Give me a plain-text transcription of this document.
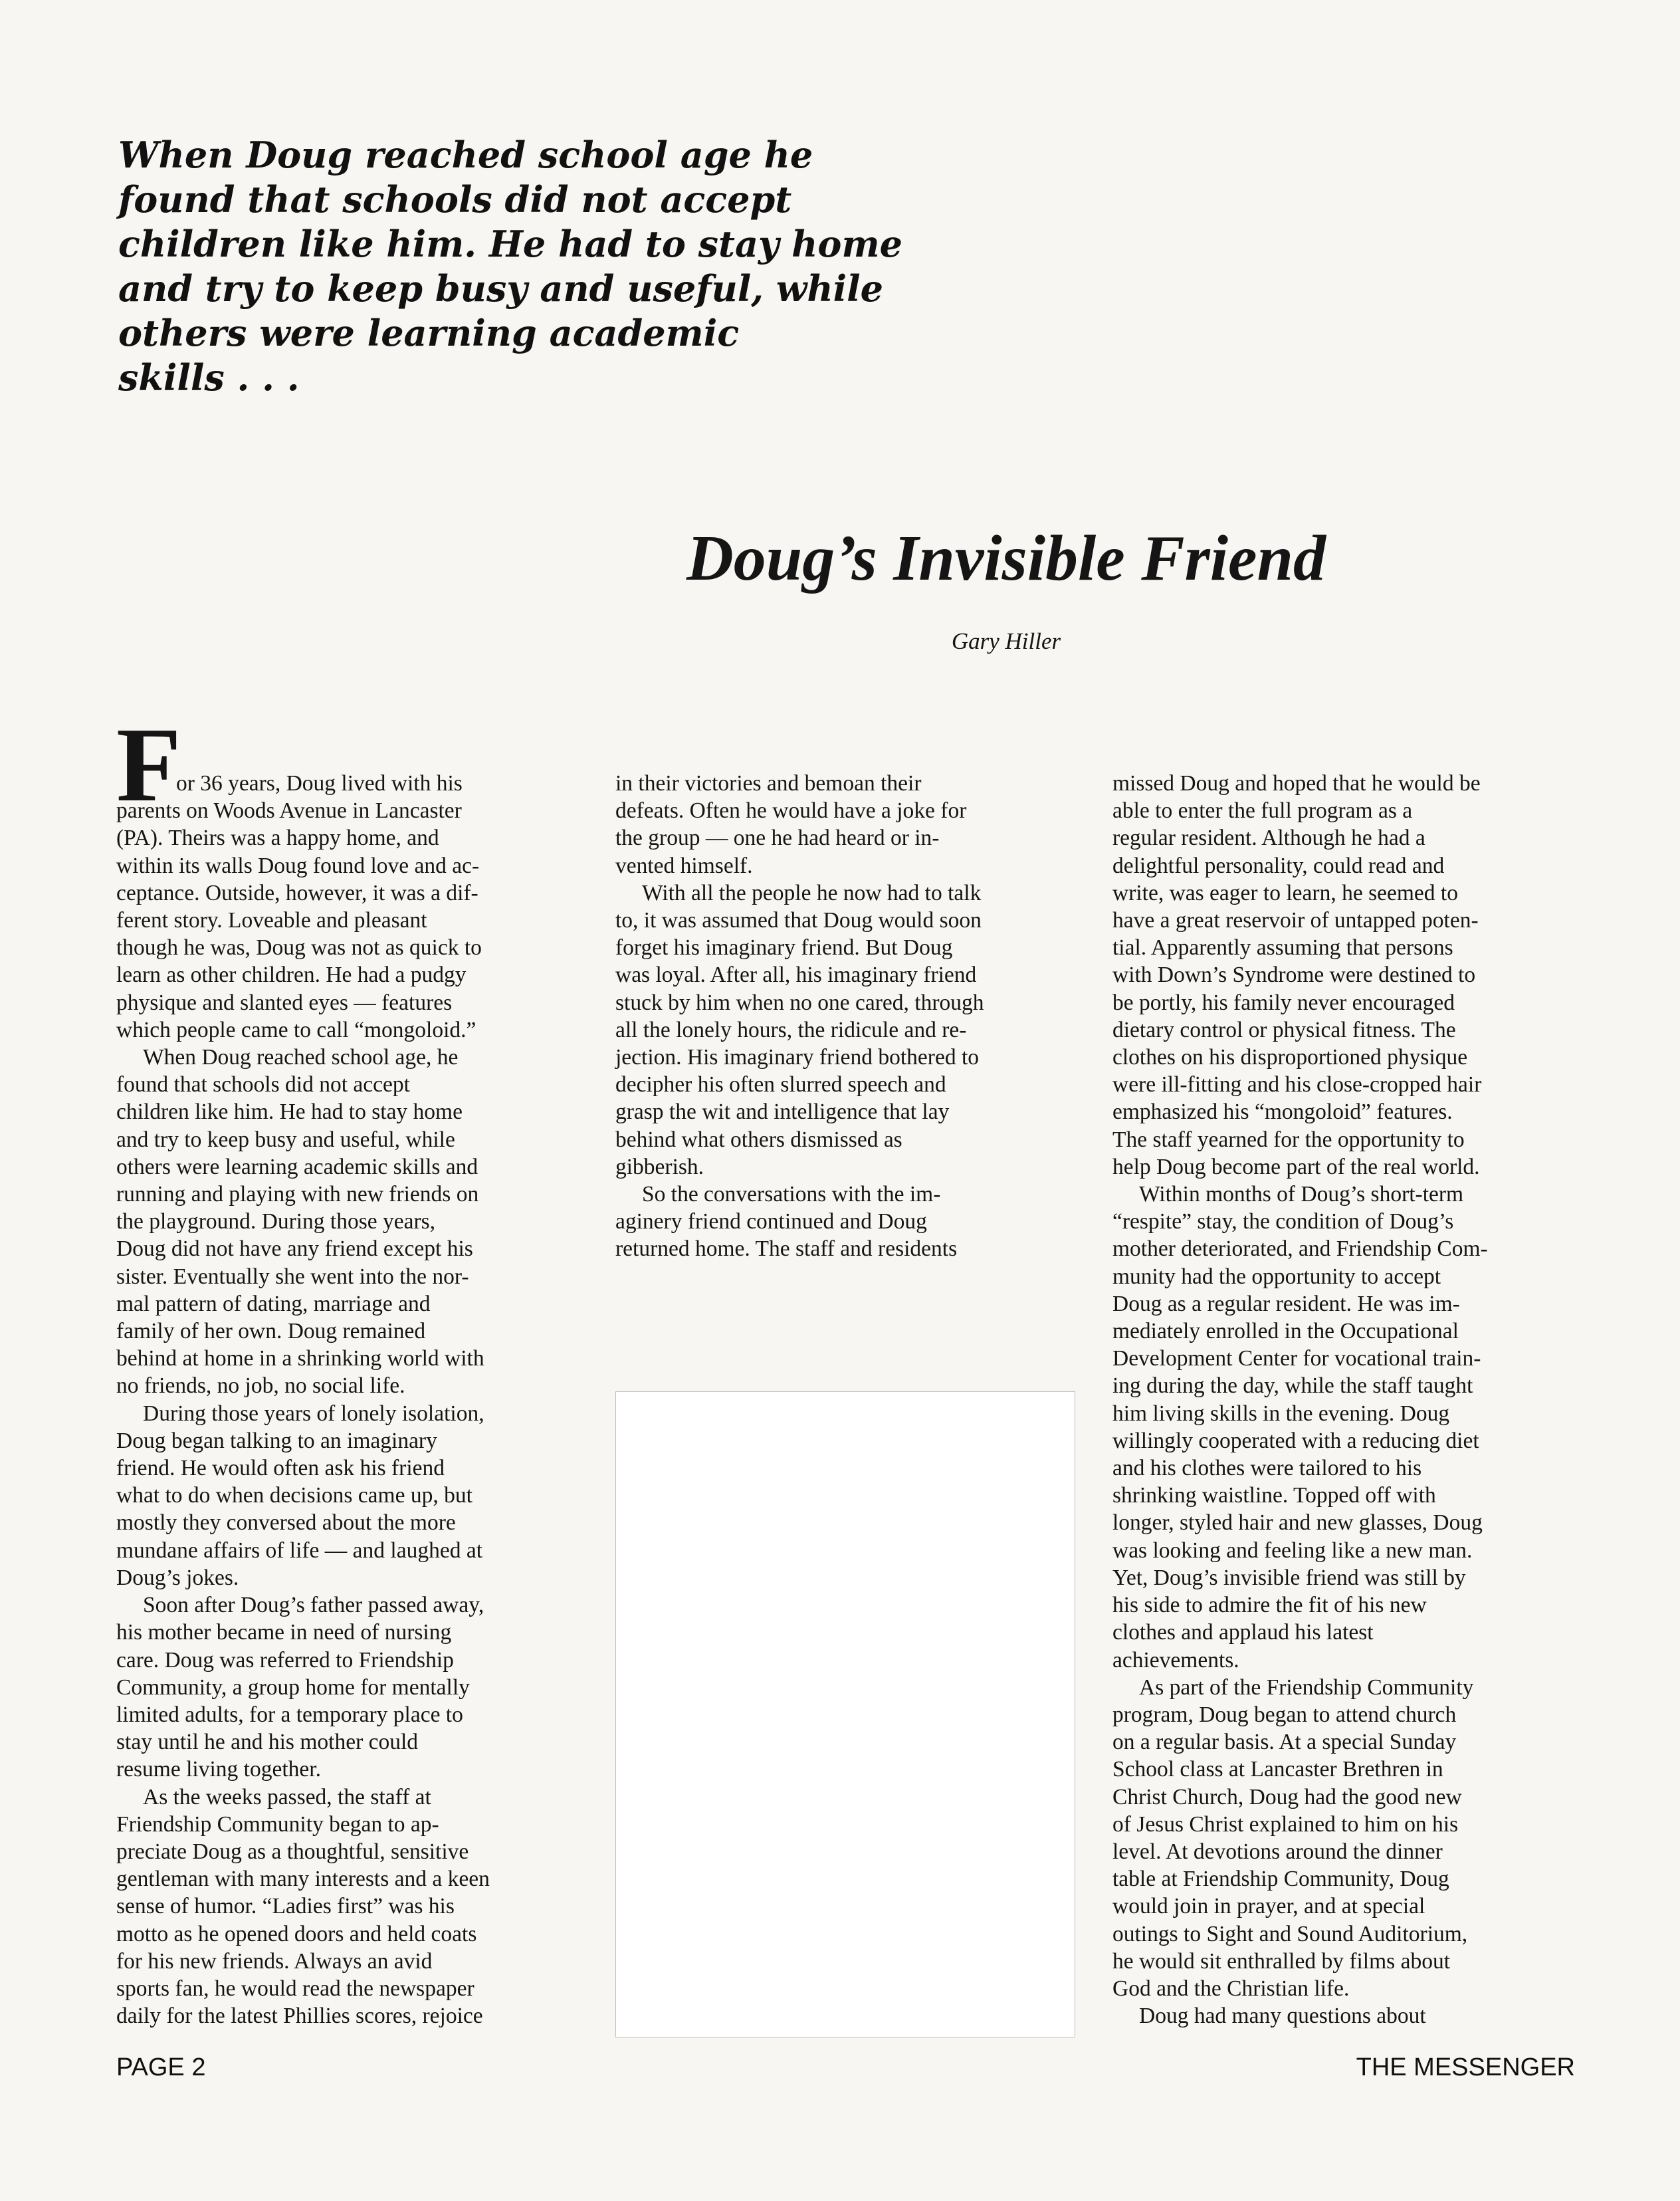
When Doug reached school age he
found that schools did not accept
children like him. He had to stay home
and try to keep busy and useful, while
others were learning academic
skills . . .
Doug’s Invisible Friend
Gary Hiller
F
or 36 years, Doug lived with his
parents on Woods Avenue in Lancaster
(PA). Theirs was a happy home, and
within its walls Doug found love and ac-
ceptance. Outside, however, it was a dif-
ferent story. Loveable and pleasant
though he was, Doug was not as quick to
learn as other children. He had a pudgy
physique and slanted eyes — features
which people came to call “mongoloid.”
When Doug reached school age, he
found that schools did not accept
children like him. He had to stay home
and try to keep busy and useful, while
others were learning academic skills and
running and playing with new friends on
the playground. During those years,
Doug did not have any friend except his
sister. Eventually she went into the nor-
mal pattern of dating, marriage and
family of her own. Doug remained
behind at home in a shrinking world with
no friends, no job, no social life.
During those years of lonely isolation,
Doug began talking to an imaginary
friend. He would often ask his friend
what to do when decisions came up, but
mostly they conversed about the more
mundane affairs of life — and laughed at
Doug’s jokes.
Soon after Doug’s father passed away,
his mother became in need of nursing
care. Doug was referred to Friendship
Community, a group home for mentally
limited adults, for a temporary place to
stay until he and his mother could
resume living together.
As the weeks passed, the staff at
Friendship Community began to ap-
preciate Doug as a thoughtful, sensitive
gentleman with many interests and a keen
sense of humor. “Ladies first” was his
motto as he opened doors and held coats
for his new friends. Always an avid
sports fan, he would read the newspaper
daily for the latest Phillies scores, rejoice
in their victories and bemoan their
defeats. Often he would have a joke for
the group — one he had heard or in-
vented himself.
With all the people he now had to talk
to, it was assumed that Doug would soon
forget his imaginary friend. But Doug
was loyal. After all, his imaginary friend
stuck by him when no one cared, through
all the lonely hours, the ridicule and re-
jection. His imaginary friend bothered to
decipher his often slurred speech and
grasp the wit and intelligence that lay
behind what others dismissed as
gibberish.
So the conversations with the im-
aginery friend continued and Doug
returned home. The staff and residents
missed Doug and hoped that he would be
able to enter the full program as a
regular resident. Although he had a
delightful personality, could read and
write, was eager to learn, he seemed to
have a great reservoir of untapped poten-
tial. Apparently assuming that persons
with Down’s Syndrome were destined to
be portly, his family never encouraged
dietary control or physical fitness. The
clothes on his disproportioned physique
were ill-fitting and his close-cropped hair
emphasized his “mongoloid” features.
The staff yearned for the opportunity to
help Doug become part of the real world.
Within months of Doug’s short-term
“respite” stay, the condition of Doug’s
mother deteriorated, and Friendship Com-
munity had the opportunity to accept
Doug as a regular resident. He was im-
mediately enrolled in the Occupational
Development Center for vocational train-
ing during the day, while the staff taught
him living skills in the evening. Doug
willingly cooperated with a reducing diet
and his clothes were tailored to his
shrinking waistline. Topped off with
longer, styled hair and new glasses, Doug
was looking and feeling like a new man.
Yet, Doug’s invisible friend was still by
his side to admire the fit of his new
clothes and applaud his latest
achievements.
As part of the Friendship Community
program, Doug began to attend church
on a regular basis. At a special Sunday
School class at Lancaster Brethren in
Christ Church, Doug had the good new
of Jesus Christ explained to him on his
level. At devotions around the dinner
table at Friendship Community, Doug
would join in prayer, and at special
outings to Sight and Sound Auditorium,
he would sit enthralled by films about
God and the Christian life.
Doug had many questions about
PAGE 2	THE MESSENGER
